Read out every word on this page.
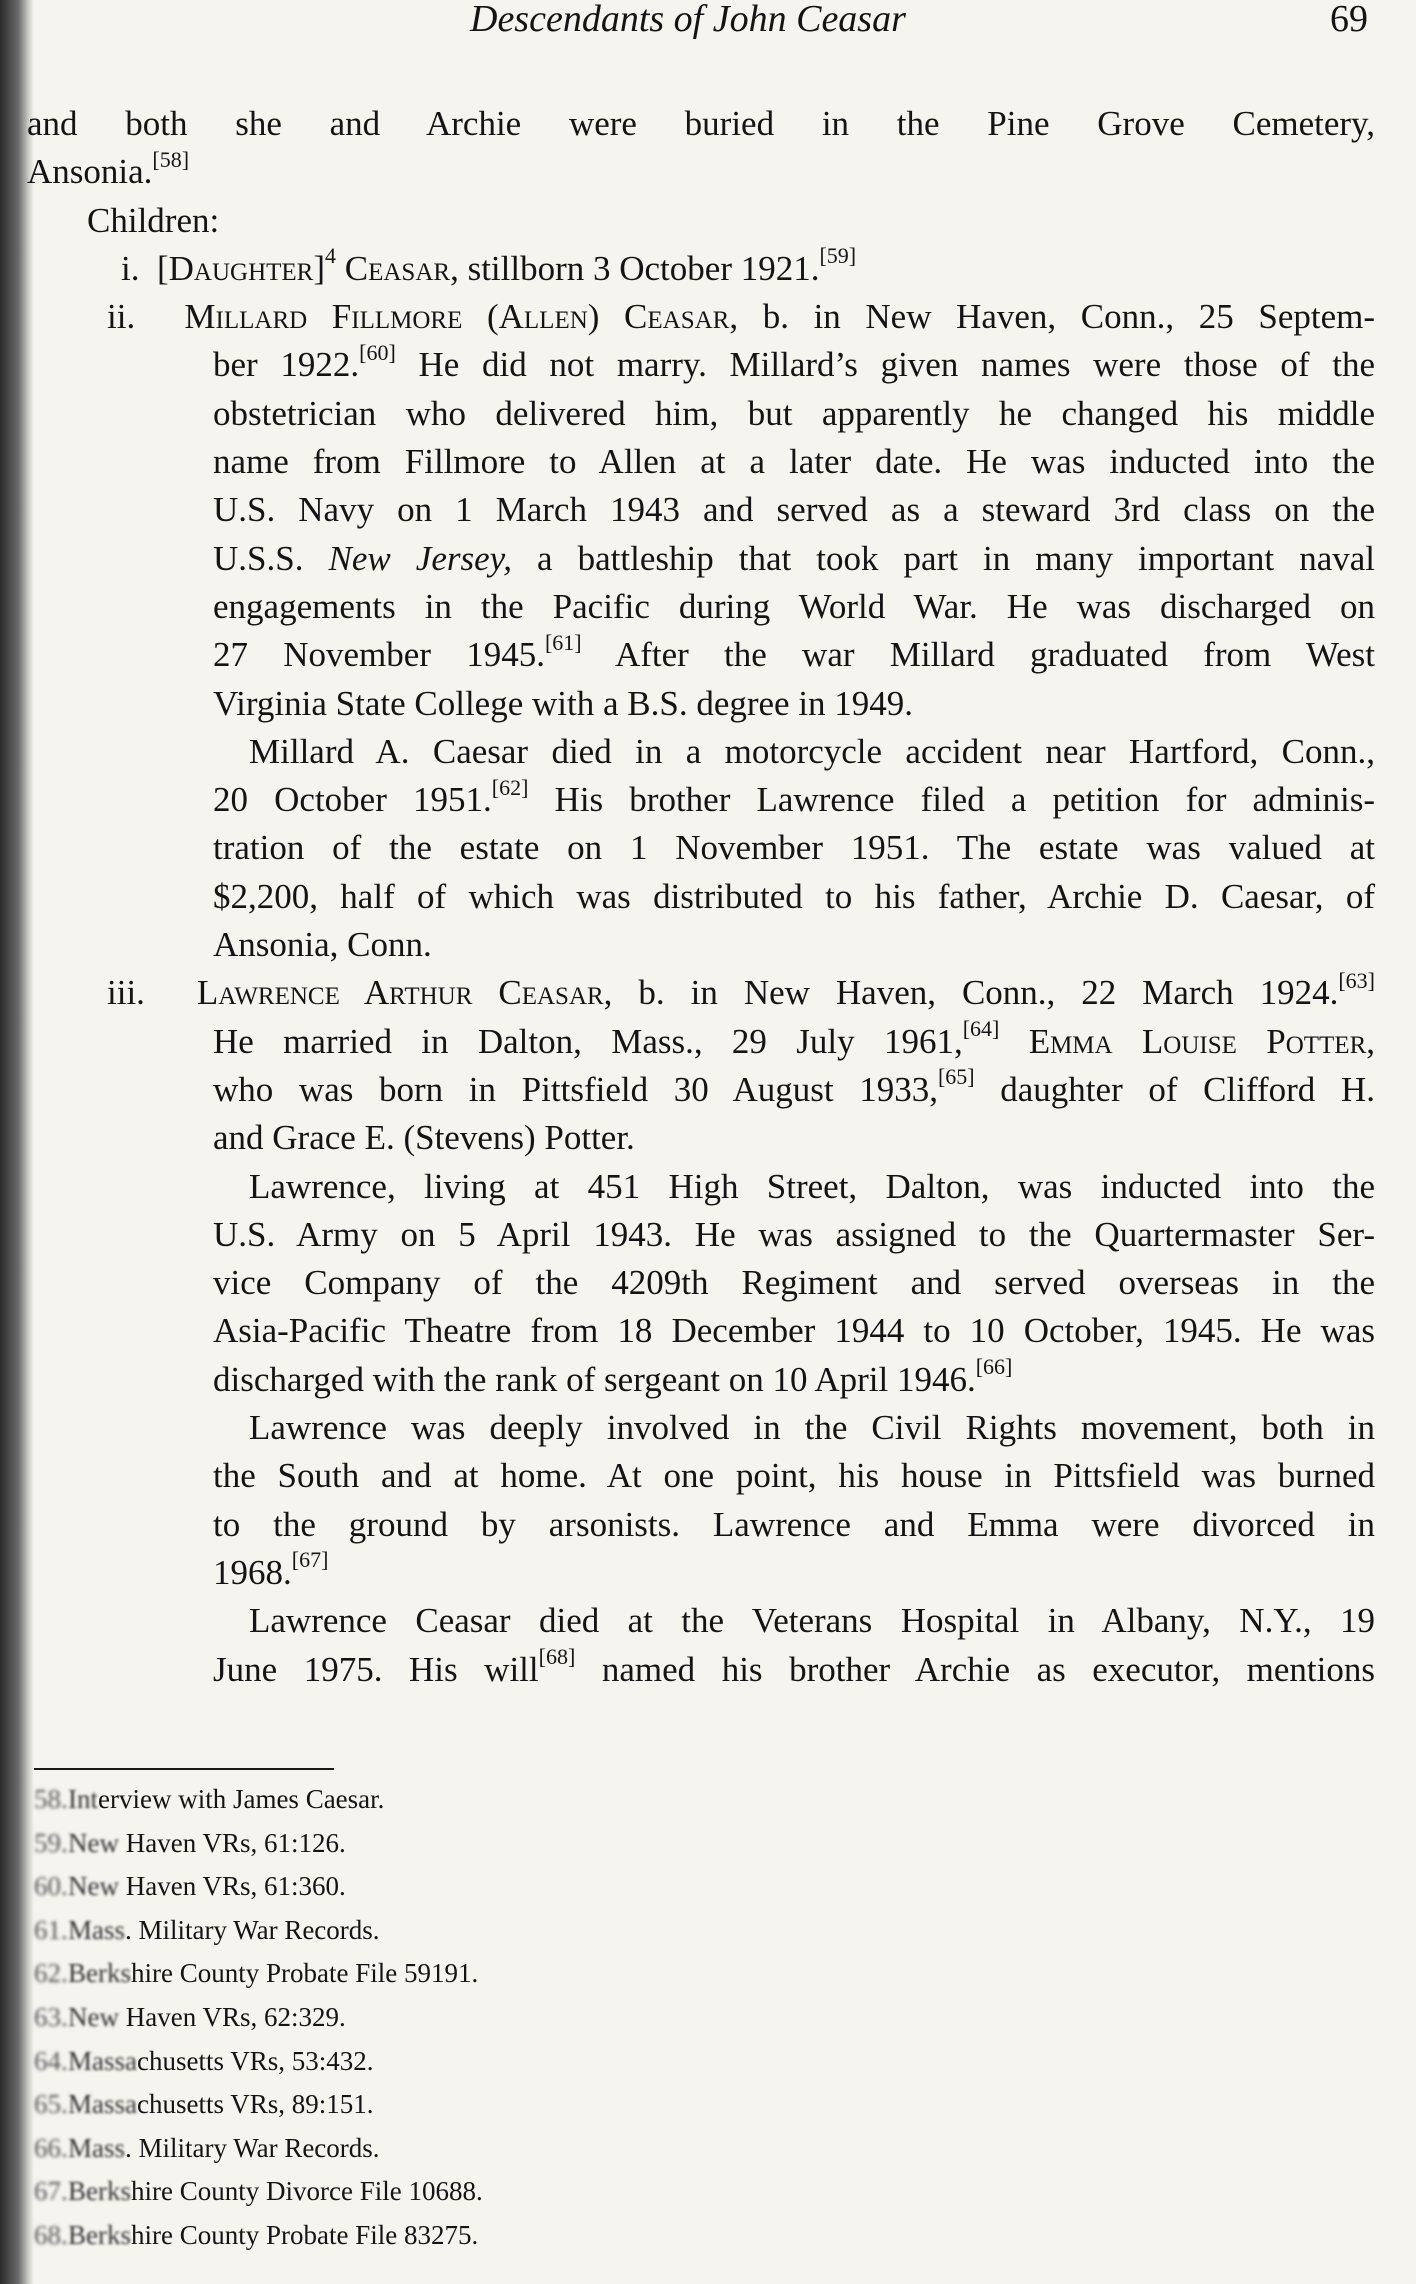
Descendants of John Ceasar	69
and both she and Archie were buried in the Pine Grove Cemetery,
Ansonia.[58]
Children:
i. [Daughter]$^4$ Ceasar, stillborn 3 October 1921.[59]
ii. Millard Fillmore (Allen) Ceasar, b. in New Haven, Conn., 25 Septem-
ber 1922.[60] He did not marry. Millard’s given names were those of the
obstetrician who delivered him, but apparently he changed his middle
name from Fillmore to Allen at a later date. He was inducted into the
U.S. Navy on 1 March 1943 and served as a steward 3rd class on the
U.S.S. New Jersey, a battleship that took part in many important naval
engagements in the Pacific during World War. He was discharged on
27 November 1945.[61] After the war Millard graduated from West
Virginia State College with a B.S. degree in 1949.
Millard A. Caesar died in a motorcycle accident near Hartford, Conn.,
20 October 1951.[62] His brother Lawrence filed a petition for adminis-
tration of the estate on 1 November 1951. The estate was valued at
$2,200, half of which was distributed to his father, Archie D. Caesar, of
Ansonia, Conn.
iii. Lawrence Arthur Ceasar, b. in New Haven, Conn., 22 March 1924.[63]
He married in Dalton, Mass., 29 July 1961,[64] Emma Louise Potter,
who was born in Pittsfield 30 August 1933,[65] daughter of Clifford H.
and Grace E. (Stevens) Potter.
Lawrence, living at 451 High Street, Dalton, was inducted into the
U.S. Army on 5 April 1943. He was assigned to the Quartermaster Ser-
vice Company of the 4209th Regiment and served overseas in the
Asia-Pacific Theatre from 18 December 1944 to 10 October, 1945. He was
discharged with the rank of sergeant on 10 April 1946.[66]
Lawrence was deeply involved in the Civil Rights movement, both in
the South and at home. At one point, his house in Pittsfield was burned
to the ground by arsonists. Lawrence and Emma were divorced in
1968.[67]
Lawrence Ceasar died at the Veterans Hospital in Albany, N.Y., 19
June 1975. His will[68] named his brother Archie as executor, mentions
58.Interview with James Caesar.
59.New Haven VRs, 61:126.
60.New Haven VRs, 61:360.
61.Mass. Military War Records.
62.Berkshire County Probate File 59191.
63.New Haven VRs, 62:329.
64.Massachusetts VRs, 53:432.
65.Massachusetts VRs, 89:151.
66.Mass. Military War Records.
67.Berkshire County Divorce File 10688.
68.Berkshire County Probate File 83275.
